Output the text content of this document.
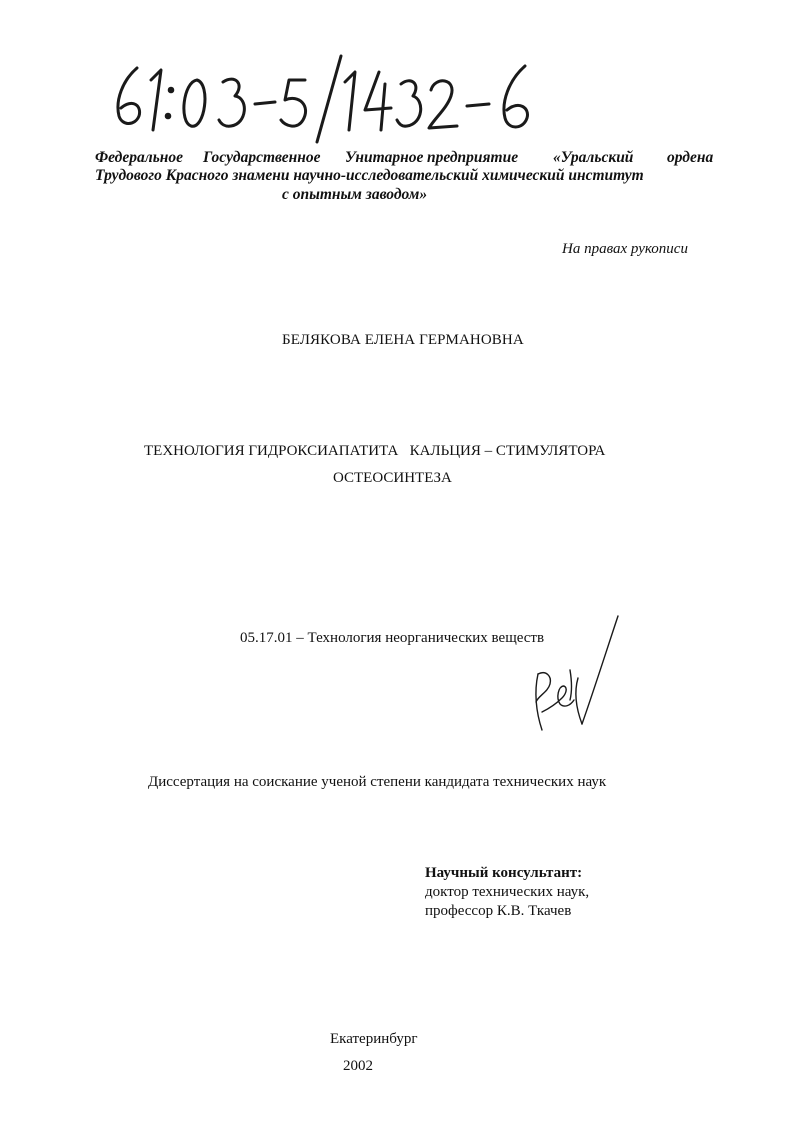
Федеральное Государственное Унитарное предприятие «Уральский ордена
Трудового Красного знамени научно-исследовательский химический институт
с опытным заводом»
На правах рукописи
БЕЛЯКОВА ЕЛЕНА ГЕРМАНОВНА
ТЕХНОЛОГИЯ ГИДРОКСИАПАТИТА   КАЛЬЦИЯ – СТИМУЛЯТОРА
ОСТЕОСИНТЕЗА
05.17.01 – Технология неорганических веществ
Диссертация на соискание ученой степени кандидата технических наук
Научный консультант:
доктор технических наук,
профессор К.В. Ткачев
Екатеринбург
2002
